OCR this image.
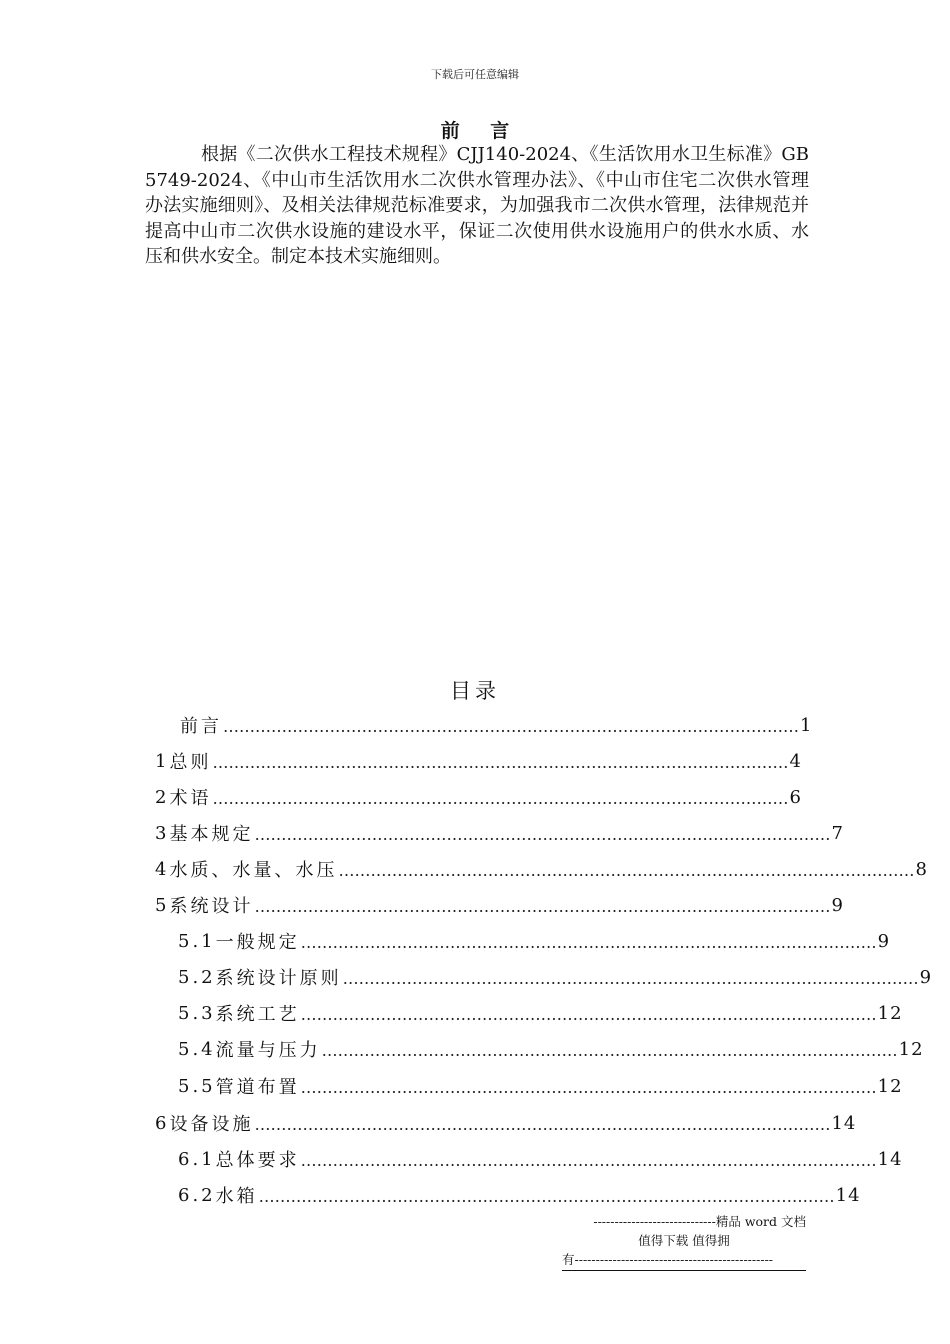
下载后可任意编辑
前 言

根据《二次供水工程技术规程》CJJ140-2024、《生活饮用水卫生标准》GB5749-2024、《中山市生活饮用水二次供水管理办法》、《中山市住宅二次供水管理办法实施细则》、及相关法律规范标准要求，为加强我市二次供水管理，法律规范并提高中山市二次供水设施的建设水平，保证二次使用供水设施用户的供水水质、水压和供水安全。制定本技术实施细则。

目录
前言 ……………………………………………………………………………………………… 1
1 总则 ……………………………………………………………………………………………… 4
2 术语 ……………………………………………………………………………………………… 6
3 基本规定 ……………………………………………………………………………………………… 7
4 水质、水量、水压 ……………………………………………………………………………………………… 8
5 系统设计 ……………………………………………………………………………………………… 9
5.1 一般规定 ……………………………………………………………………………………………… 9
5.2 系统设计原则 ……………………………………………………………………………………………… 9
5.3 系统工艺 ……………………………………………………………………………………………… 12
5.4 流量与压力 ……………………………………………………………………………………………… 12
5.5 管道布置 ……………………………………………………………………………………………… 12
6 设备设施 ……………………………………………………………………………………………… 14
6.1 总体要求 ……………………………………………………………………………………………… 14
6.2 水箱 ……………………………………………………………………………………………… 14
-----------------------------精品 word 文档
值得下载 值得拥
有-----------------------------------------------
